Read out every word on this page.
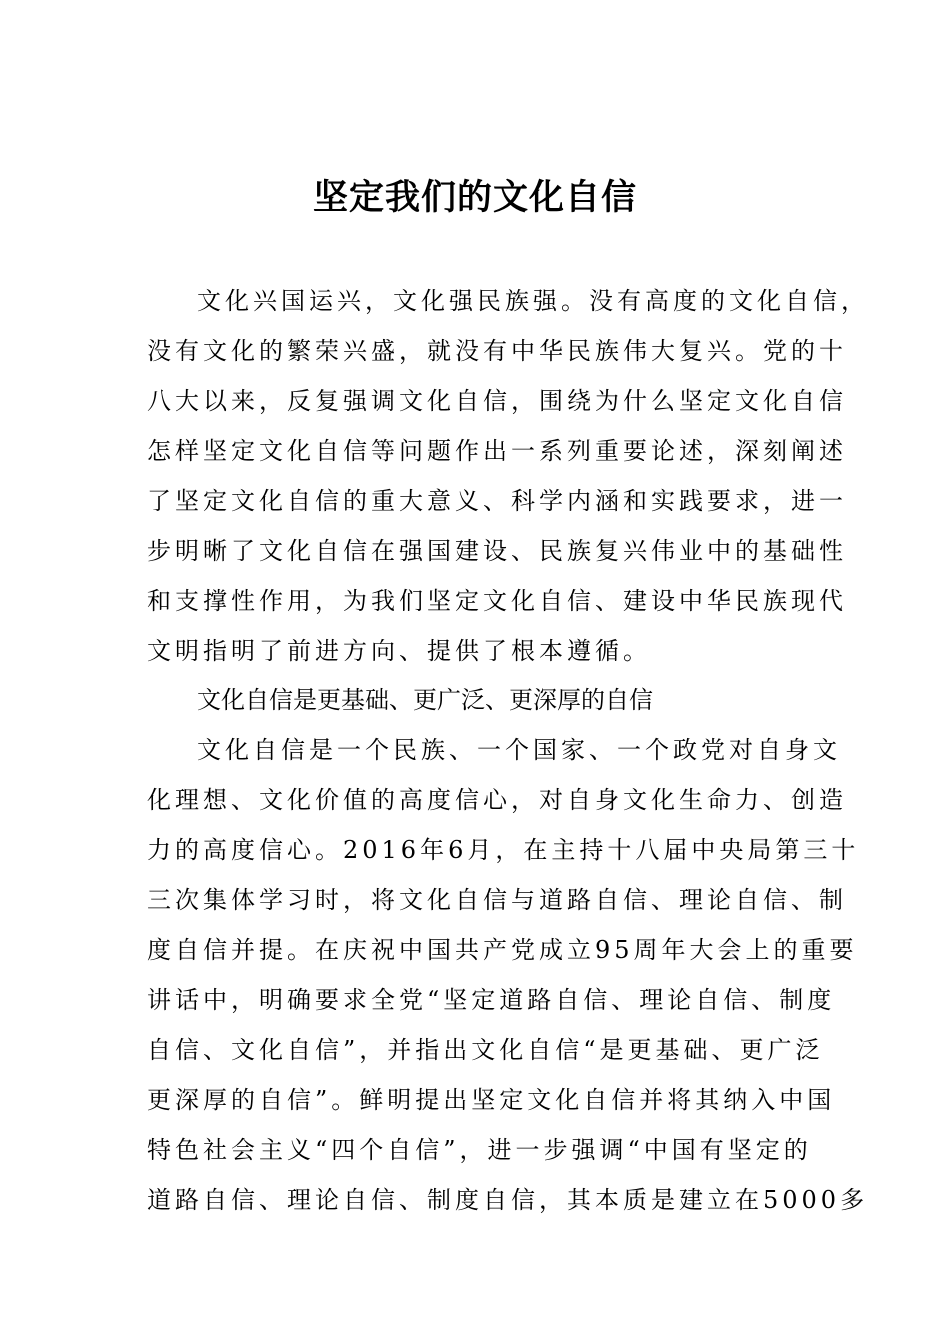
坚定我们的文化自信
文化兴国运兴，文化强民族强。没有高度的文化自信，
没有文化的繁荣兴盛，就没有中华民族伟大复兴。党的十
八大以来，反复强调文化自信，围绕为什么坚定文化自信
怎样坚定文化自信等问题作出一系列重要论述，深刻阐述
了坚定文化自信的重大意义、科学内涵和实践要求，进一
步明晰了文化自信在强国建设、民族复兴伟业中的基础性
和支撑性作用，为我们坚定文化自信、建设中华民族现代
文明指明了前进方向、提供了根本遵循。
文化自信是更基础、更广泛、更深厚的自信
文化自信是一个民族、一个国家、一个政党对自身文
化理想、文化价值的高度信心，对自身文化生命力、创造
力的高度信心。2016年6月，在主持十八届中央局第三十
三次集体学习时，将文化自信与道路自信、理论自信、制
度自信并提。在庆祝中国共产党成立95周年大会上的重要
讲话中，明确要求全党“坚定道路自信、理论自信、制度
自信、文化自信”，并指出文化自信“是更基础、更广泛
更深厚的自信”。鲜明提出坚定文化自信并将其纳入中国
特色社会主义“四个自信”，进一步强调“中国有坚定的
道路自信、理论自信、制度自信，其本质是建立在5000多
